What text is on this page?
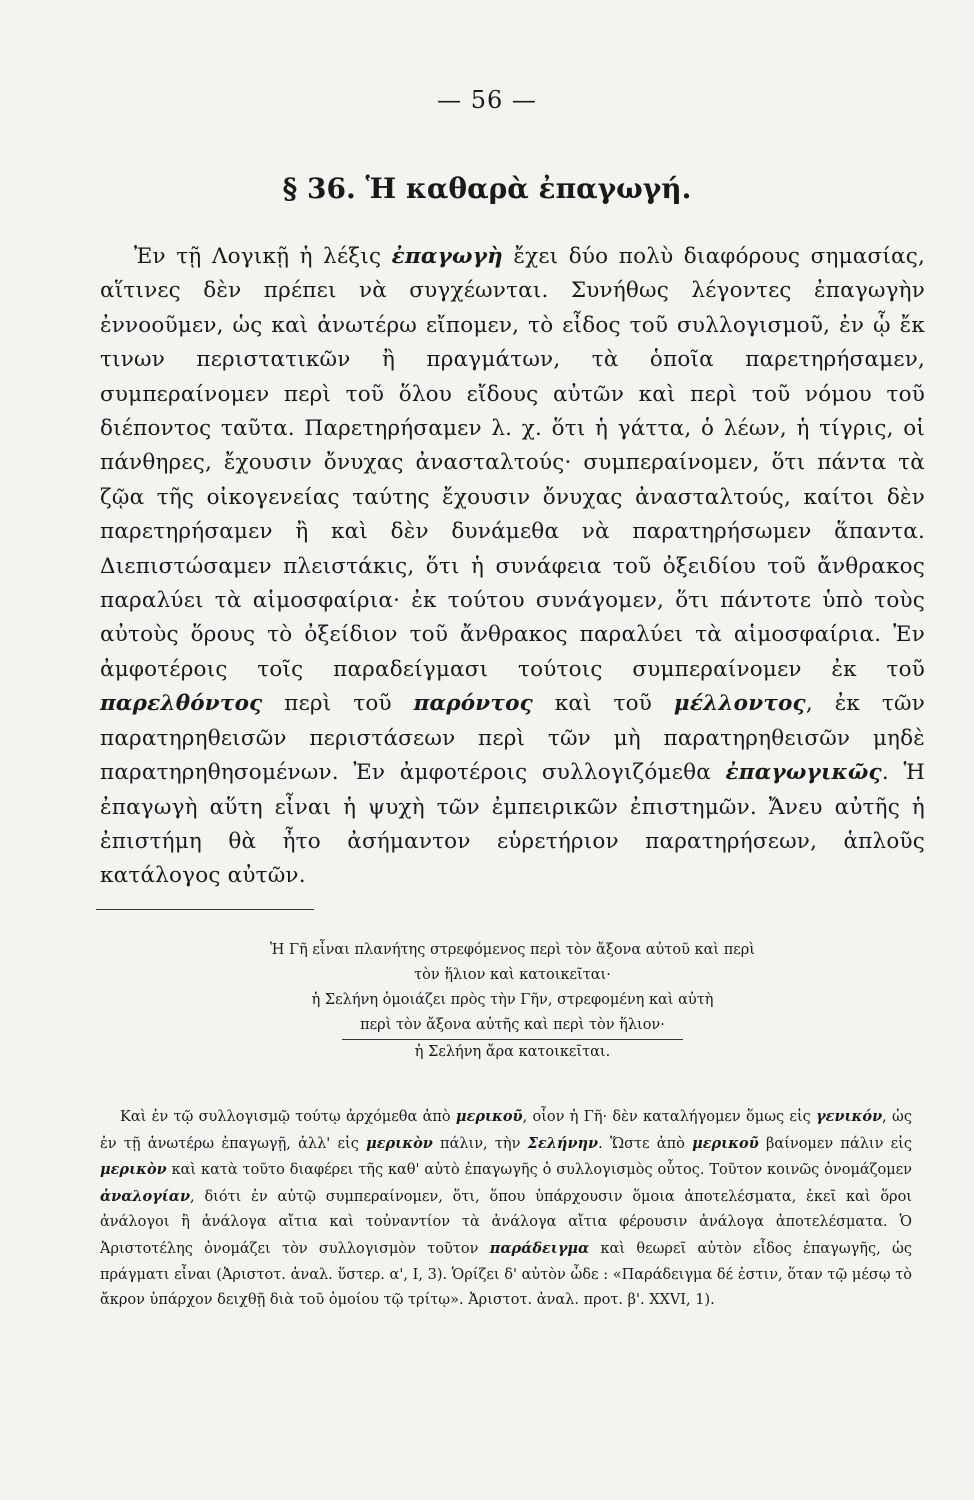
— 56 —
§ 36. Ἡ καθαρὰ ἐπαγωγή.

Ἐν τῇ Λογικῇ ἡ λέξις ἐπαγωγὴ ἔχει δύο πολὺ διαφόρους σημασίας, αἵτινες δὲν πρέπει νὰ συγχέωνται. Συνήθως λέγοντες ἐπαγωγὴν ἐννοοῦμεν, ὡς καὶ ἀνωτέρω εἴπομεν, τὸ εἶδος τοῦ συλλογισμοῦ, ἐν ᾧ ἔκ τινων περιστατικῶν ἢ πραγμάτων, τὰ ὁποῖα παρετηρήσαμεν, συμπεραίνομεν περὶ τοῦ ὅλου εἴδους αὐτῶν καὶ περὶ τοῦ νόμου τοῦ διέποντος ταῦτα. Παρετηρήσαμεν λ. χ. ὅτι ἡ γάττα, ὁ λέων, ἡ τίγρις, οἱ πάνθηρες, ἔχουσιν ὄνυχας ἀνασταλτούς· συμπεραίνομεν, ὅτι πάντα τὰ ζῷα τῆς οἰκογενείας ταύτης ἔχουσιν ὄνυχας ἀνασταλτούς, καίτοι δὲν παρετηρήσαμεν ἢ καὶ δὲν δυνάμεθα νὰ παρατηρήσωμεν ἅπαντα. Διεπιστώσαμεν πλειστάκις, ὅτι ἡ συνάφεια τοῦ ὀξειδίου τοῦ ἄνθρακος παραλύει τὰ αἱμοσφαίρια· ἐκ τούτου συνάγομεν, ὅτι πάντοτε ὑπὸ τοὺς αὐτοὺς ὅρους τὸ ὀξείδιον τοῦ ἄνθρακος παραλύει τὰ αἱμοσφαίρια. Ἐν ἀμφοτέροις τοῖς παραδείγμασι τούτοις συμπεραίνομεν ἐκ τοῦ παρελθόντος περὶ τοῦ παρόντος καὶ τοῦ μέλλοντος, ἐκ τῶν παρατηρηθεισῶν περιστάσεων περὶ τῶν μὴ παρατηρηθεισῶν μηδὲ παρατηρηθησομένων. Ἐν ἀμφοτέροις συλλογιζόμεθα ἐπαγωγικῶς. Ἡ ἐπαγωγὴ αὕτη εἶναι ἡ ψυχὴ τῶν ἐμπειρικῶν ἐπιστημῶν. Ἄνευ αὐτῆς ἡ ἐπιστήμη θὰ ἦτο ἀσήμαντον εὑρετήριον παρατηρήσεων, ἁπλοῦς κατάλογος αὐτῶν.

Ἡ Γῆ εἶναι πλανήτης στρεφόμενος περὶ τὸν ἄξονα αὐτοῦ καὶ περὶ
τὸν ἥλιον καὶ κατοικεῖται·
ἡ Σελήνη ὁμοιάζει πρὸς τὴν Γῆν, στρεφομένη καὶ αὐτὴ
περὶ τὸν ἄξονα αὐτῆς καὶ περὶ τὸν ἥλιον·
ἡ Σελήνη ἄρα κατοικεῖται.

Καὶ ἐν τῷ συλλογισμῷ τούτῳ ἀρχόμεθα ἀπὸ μερικοῦ, οἷον ἡ Γῆ· δὲν καταλήγομεν ὅμως εἰς γενικόν, ὡς ἐν τῇ ἀνωτέρω ἐπαγωγῇ, ἀλλ' εἰς μερικὸν πάλιν, τὴν Σελήνην. Ὥστε ἀπὸ μερικοῦ βαίνομεν πάλιν εἰς μερικὸν καὶ κατὰ τοῦτο διαφέρει τῆς καθ' αὑτὸ ἐπαγωγῆς ὁ συλλογισμὸς οὗτος. Τοῦτον κοινῶς ὀνομάζομεν ἀναλογίαν, διότι ἐν αὐτῷ συμπεραίνομεν, ὅτι, ὅπου ὑπάρχουσιν ὅμοια ἀποτελέσματα, ἐκεῖ καὶ ὅροι ἀνάλογοι ἢ ἀνάλογα αἴτια καὶ τοὐναντίον τὰ ἀνάλογα αἴτια φέρουσιν ἀνάλογα ἀποτελέσματα. Ὁ Ἀριστοτέλης ὀνομάζει τὸν συλλογισμὸν τοῦτον παράδειγμα καὶ θεωρεῖ αὐτὸν εἶδος ἐπαγωγῆς, ὡς πράγματι εἶναι (Ἀριστοτ. ἀναλ. ὕστερ. α', Ι, 3). Ὁρίζει δ' αὐτὸν ὧδε : «Παράδειγμα δέ ἐστιν, ὅταν τῷ μέσῳ τὸ ἄκρον ὑπάρχον δειχθῇ διὰ τοῦ ὁμοίου τῷ τρίτῳ». Ἀριστοτ. ἀναλ. προτ. β'. XXVI, 1).
